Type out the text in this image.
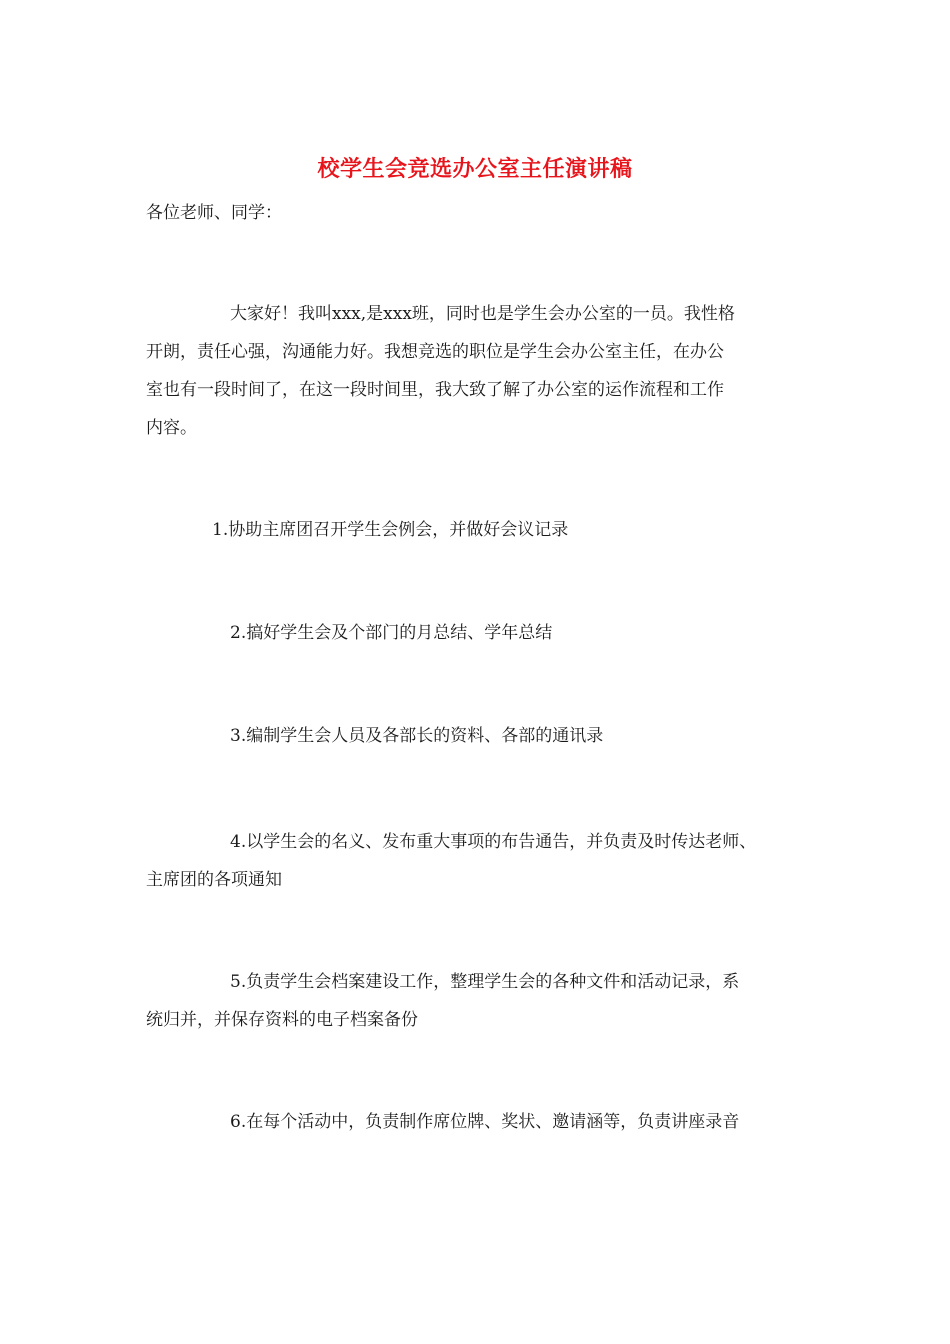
校学生会竞选办公室主任演讲稿
各位老师、同学：
大家好！我叫xxx,是xxx班，同时也是学生会办公室的一员。我性格
开朗，责任心强，沟通能力好。我想竞选的职位是学生会办公室主任，在办公
室也有一段时间了，在这一段时间里，我大致了解了办公室的运作流程和工作
内容。
1.协助主席团召开学生会例会，并做好会议记录
2.搞好学生会及个部门的月总结、学年总结
3.编制学生会人员及各部长的资料、各部的通讯录
4.以学生会的名义、发布重大事项的布告通告，并负责及时传达老师、
主席团的各项通知
5.负责学生会档案建设工作，整理学生会的各种文件和活动记录，系
统归并，并保存资料的电子档案备份
6.在每个活动中，负责制作席位牌、奖状、邀请涵等，负责讲座录音
